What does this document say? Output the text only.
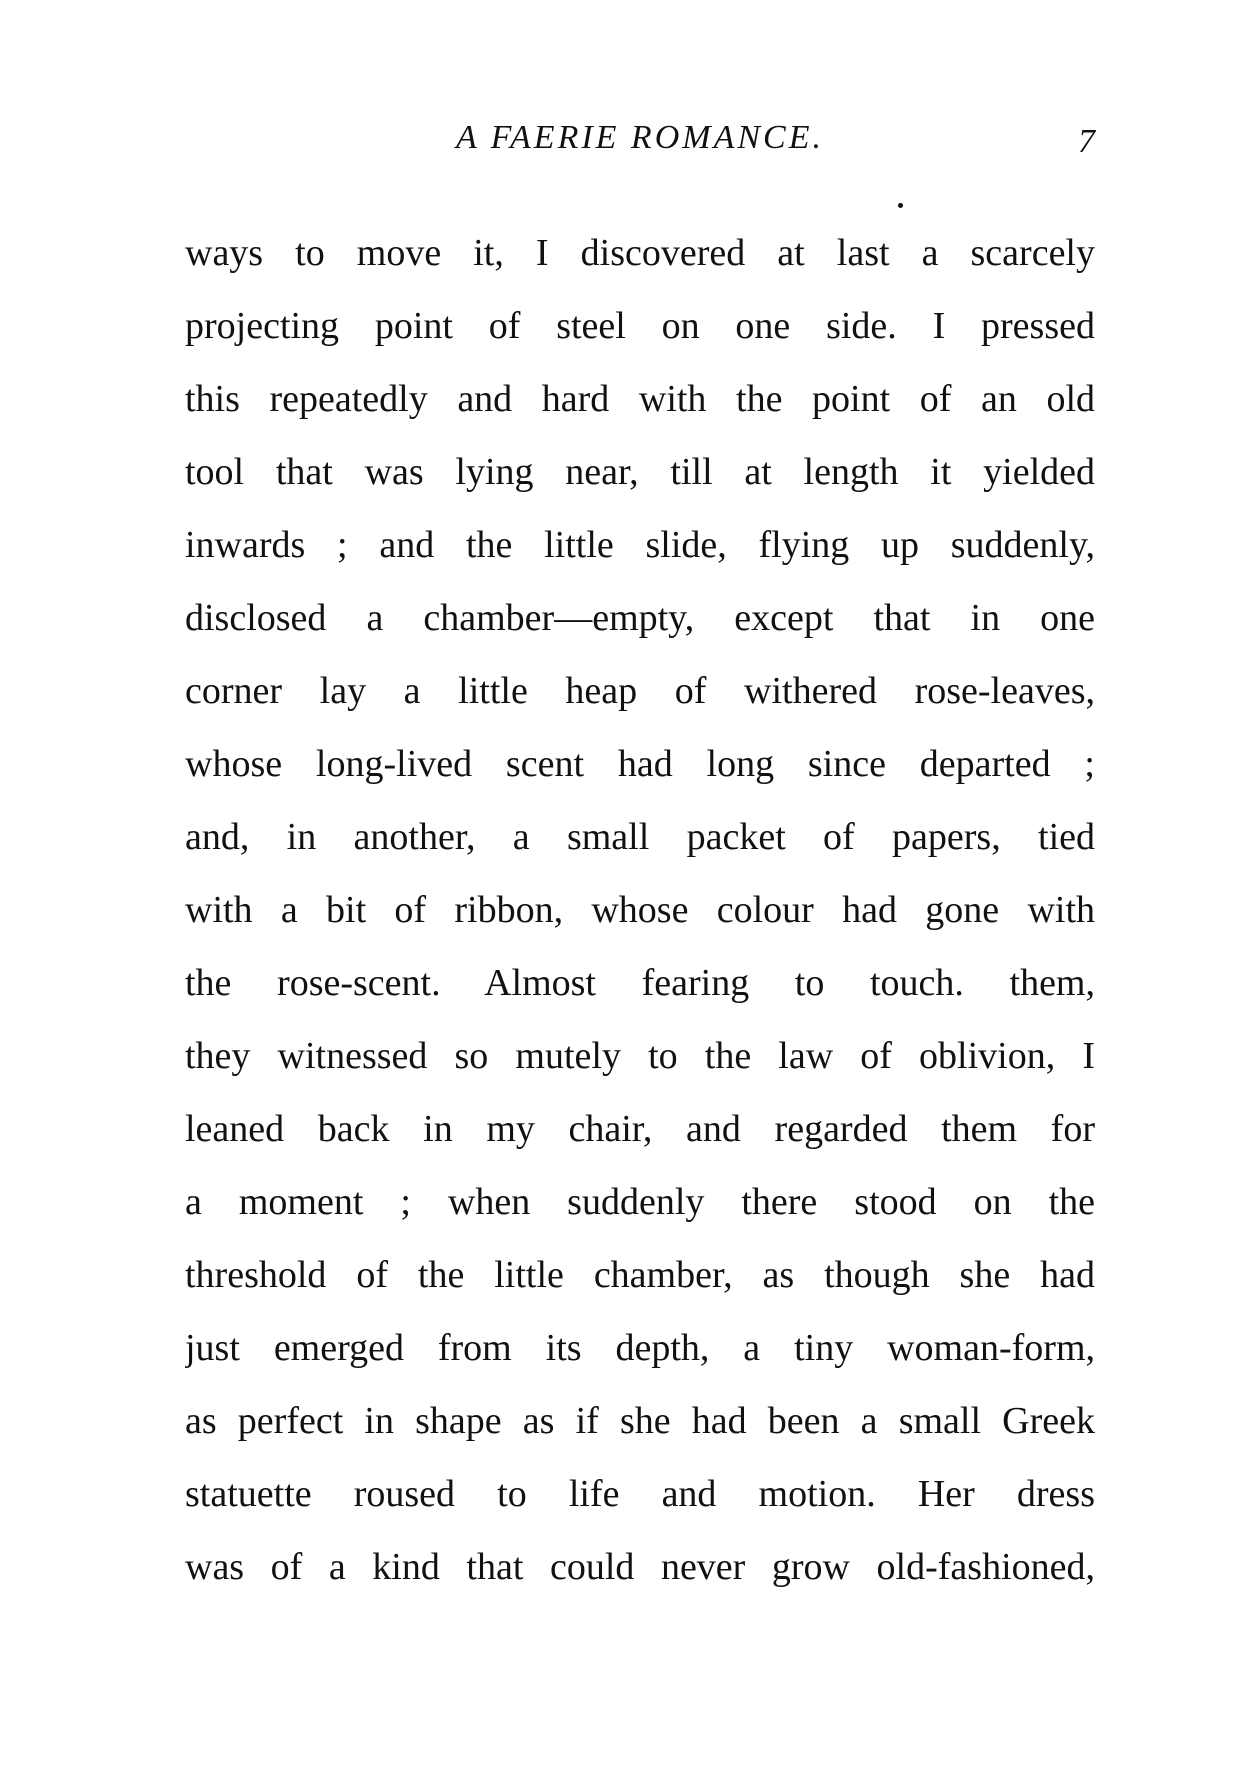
A FAERIE ROMANCE.	7
ways to move it, I discovered at last a scarcely
projecting point of steel on one side. I pressed
this repeatedly and hard with the point of an old
tool that was lying near, till at length it yielded
inwards ; and the little slide, flying up suddenly,
disclosed a chamber—empty, except that in one
corner lay a little heap of withered rose-leaves,
whose long-lived scent had long since departed ;
and, in another, a small packet of papers, tied
with a bit of ribbon, whose colour had gone with
the rose-scent. Almost fearing to touch. them,
they witnessed so mutely to the law of oblivion, I
leaned back in my chair, and regarded them for
a moment ; when suddenly there stood on the
threshold of the little chamber, as though she had
just emerged from its depth, a tiny woman-form,
as perfect in shape as if she had been a small Greek
statuette roused to life and motion. Her dress
was of a kind that could never grow old-fashioned,
